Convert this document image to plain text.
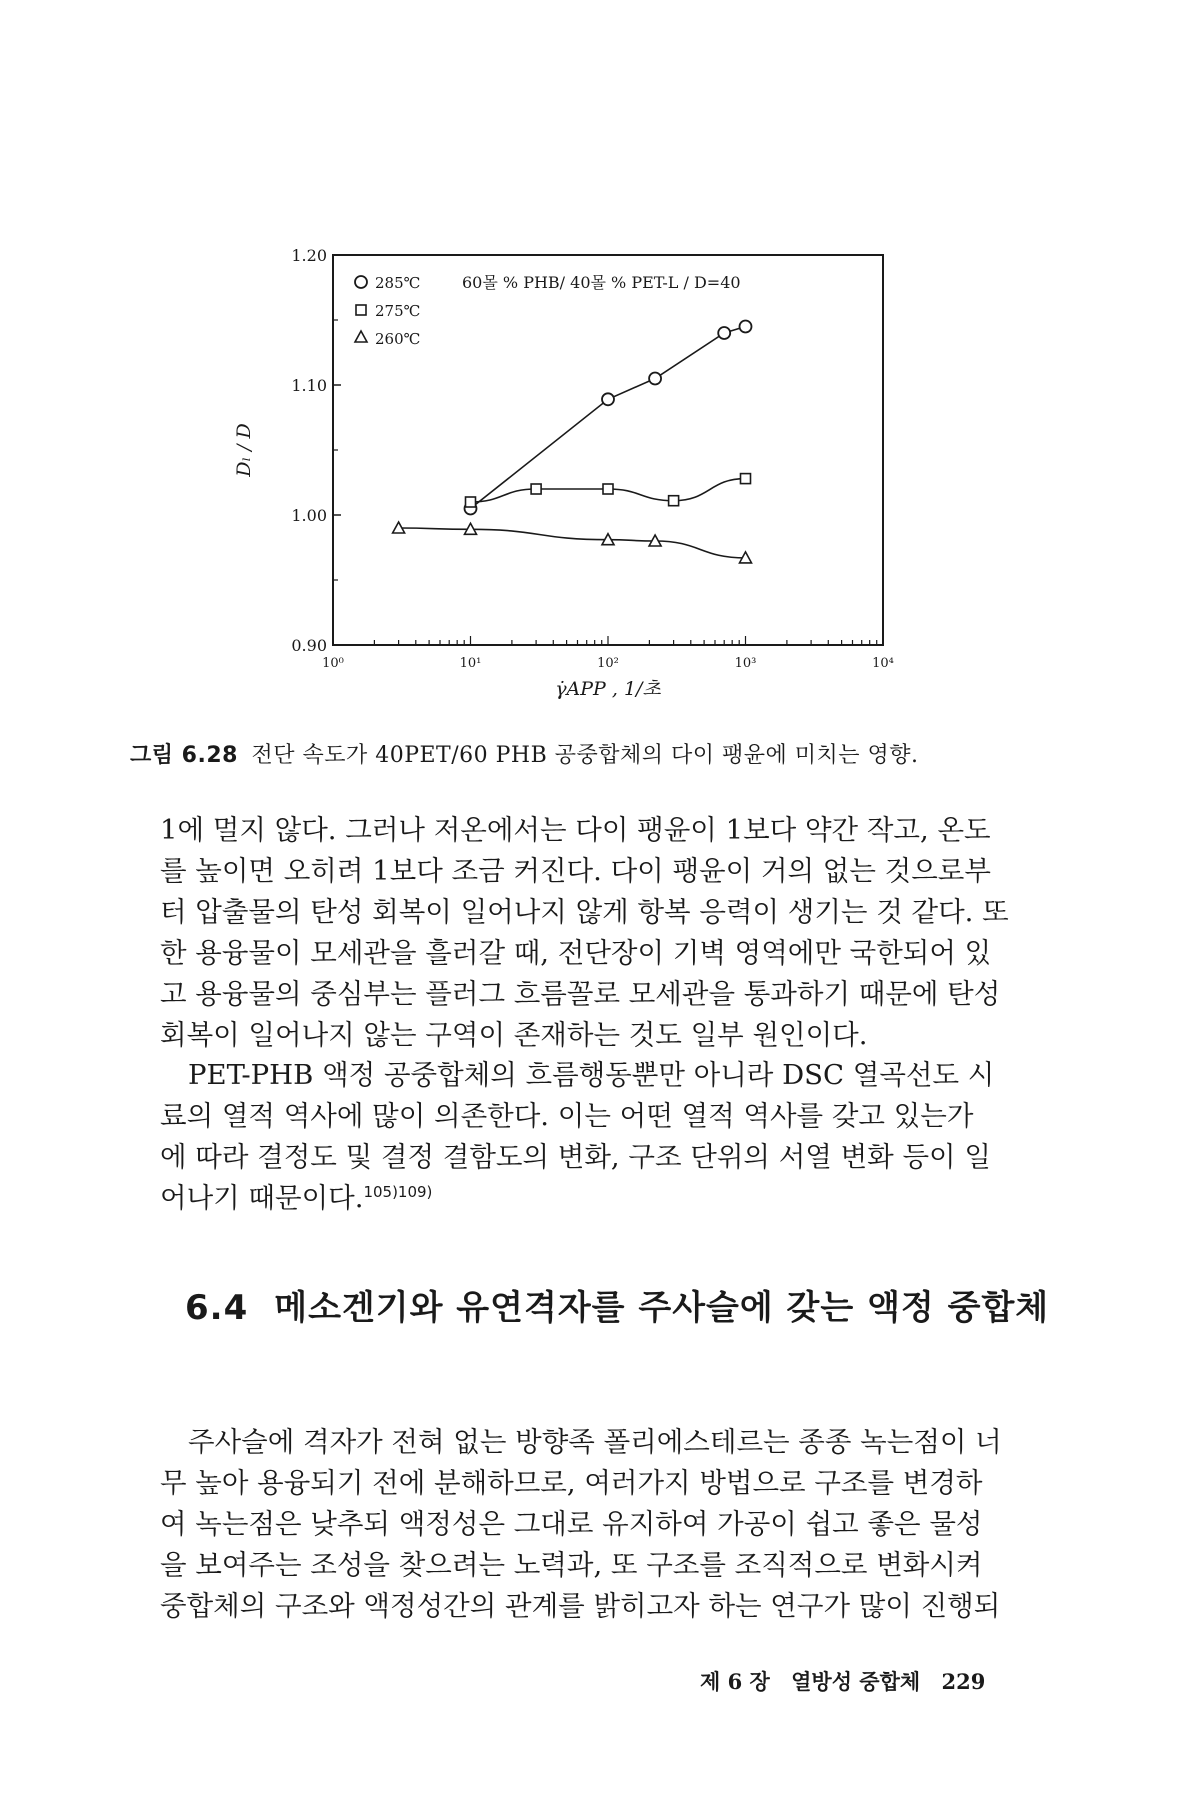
1.20
1.10
1.00
0.90
10⁰	10¹	10²	10³	10⁴
285℃
275℃
260℃
60몰 % PHB/ 40몰 % PET-L / D=40
Dₗ / D
γ̇APP , 1/초
그림 6.28 전단 속도가 40PET/60 PHB 공중합체의 다이 팽윤에 미치는 영향.

1에 멀지 않다. 그러나 저온에서는 다이 팽윤이 1보다 약간 작고, 온도
를 높이면 오히려 1보다 조금 커진다. 다이 팽윤이 거의 없는 것으로부
터 압출물의 탄성 회복이 일어나지 않게 항복 응력이 생기는 것 같다. 또
한 용융물이 모세관을 흘러갈 때, 전단장이 기벽 영역에만 국한되어 있
고 용융물의 중심부는 플러그 흐름꼴로 모세관을 통과하기 때문에 탄성
회복이 일어나지 않는 구역이 존재하는 것도 일부 원인이다.

PET-PHB 액정 공중합체의 흐름행동뿐만 아니라 DSC 열곡선도 시
료의 열적 역사에 많이 의존한다. 이는 어떤 열적 역사를 갖고 있는가
에 따라 결정도 및 결정 결함도의 변화, 구조 단위의 서열 변화 등이 일
어나기 때문이다.$^{105)109)}$

6.4 메소겐기와 유연격자를 주사슬에 갖는 액정 중합체

주사슬에 격자가 전혀 없는 방향족 폴리에스테르는 종종 녹는점이 너
무 높아 용융되기 전에 분해하므로, 여러가지 방법으로 구조를 변경하
여 녹는점은 낮추되 액정성은 그대로 유지하여 가공이 쉽고 좋은 물성
을 보여주는 조성을 찾으려는 노력과, 또 구조를 조직적으로 변화시켜
중합체의 구조와 액정성간의 관계를 밝히고자 하는 연구가 많이 진행되

제 6 장 열방성 중합체 229
